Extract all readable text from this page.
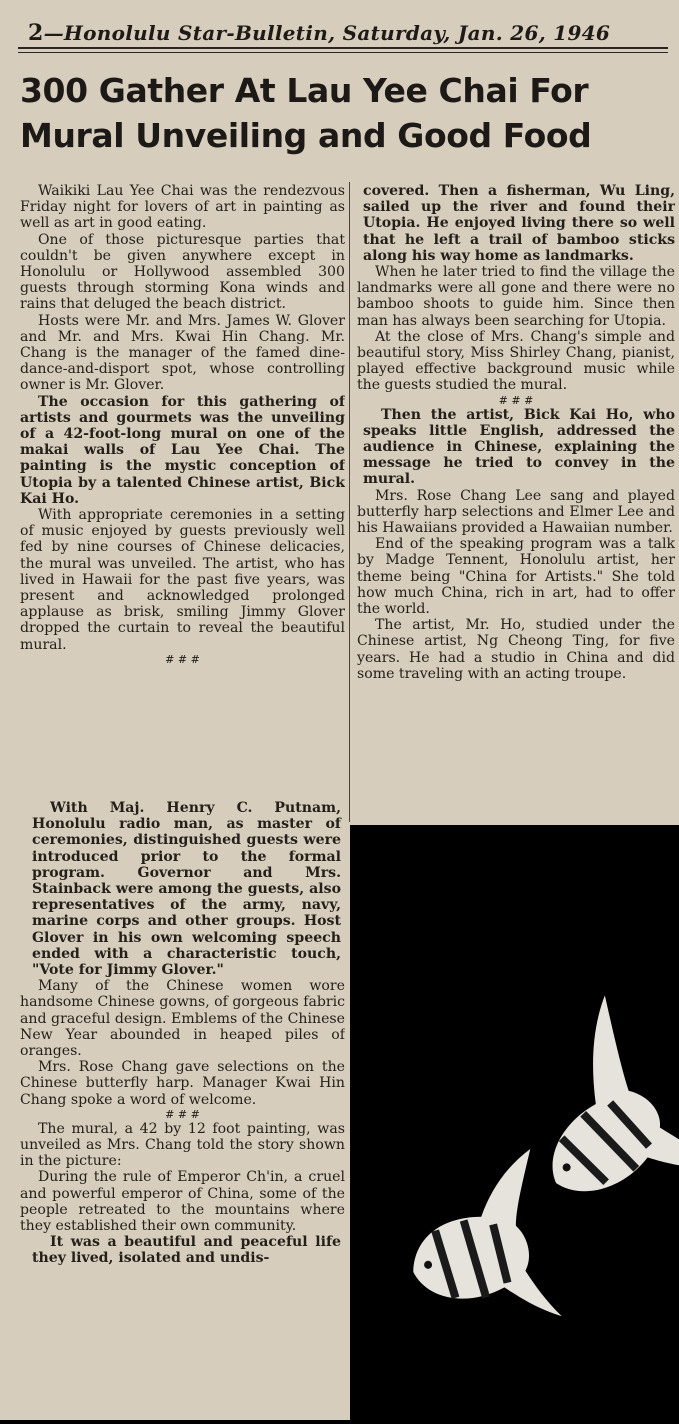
2—Honolulu Star-Bulletin, Saturday, Jan. 26, 1946
300 Gather At Lau Yee Chai For Mural Unveiling and Good Food

Waikiki Lau Yee Chai was the rendezvous Friday night for lovers of art in painting as well as art in good eating.

One of those picturesque parties that couldn't be given anywhere except in Honolulu or Hollywood assembled 300 guests through storming Kona winds and rains that deluged the beach district.

Hosts were Mr. and Mrs. James W. Glover and Mr. and Mrs. Kwai Hin Chang. Mr. Chang is the manager of the famed dine-dance-and-disport spot, whose controlling owner is Mr. Glover.

The occasion for this gathering of artists and gourmets was the unveiling of a 42-foot-long mural on one of the makai walls of Lau Yee Chai. The painting is the mystic conception of Utopia by a talented Chinese artist, Bick Kai Ho.

With appropriate ceremonies in a setting of music enjoyed by guests previously well fed by nine courses of Chinese delicacies, the mural was unveiled. The artist, who has lived in Hawaii for the past five years, was present and acknowledged prolonged applause as brisk, smiling Jimmy Glover dropped the curtain to reveal the beautiful mural.

# # #

With Maj. Henry C. Putnam, Honolulu radio man, as master of ceremonies, distinguished guests were introduced prior to the formal program. Governor and Mrs. Stainback were among the guests, also representatives of the army, navy, marine corps and other groups. Host Glover in his own welcoming speech ended with a characteristic touch, "Vote for Jimmy Glover."

Many of the Chinese women wore handsome Chinese gowns, of gorgeous fabric and graceful design. Emblems of the Chinese New Year abounded in heaped piles of oranges.

Mrs. Rose Chang gave selections on the Chinese butterfly harp. Manager Kwai Hin Chang spoke a word of welcome.

# # #

The mural, a 42 by 12 foot painting, was unveiled as Mrs. Chang told the story shown in the picture:

During the rule of Emperor Ch'in, a cruel and powerful emperor of China, some of the people retreated to the mountains where they established their own community.

It was a beautiful and peaceful life they lived, isolated and undis-

covered. Then a fisherman, Wu Ling, sailed up the river and found their Utopia. He enjoyed living there so well that he left a trail of bamboo sticks along his way home as landmarks.

When he later tried to find the village the landmarks were all gone and there were no bamboo shoots to guide him. Since then man has always been searching for Utopia.

At the close of Mrs. Chang's simple and beautiful story, Miss Shirley Chang, pianist, played effective background music while the guests studied the mural.

# # #

Then the artist, Bick Kai Ho, who speaks little English, addressed the audience in Chinese, explaining the message he tried to convey in the mural.

Mrs. Rose Chang Lee sang and played butterfly harp selections and Elmer Lee and his Hawaiians provided a Hawaiian number.

End of the speaking program was a talk by Madge Tennent, Honolulu artist, her theme being "China for Artists." She told how much China, rich in art, had to offer the world.

The artist, Mr. Ho, studied under the Chinese artist, Ng Cheong Ting, for five years. He had a studio in China and did some traveling with an acting troupe.
